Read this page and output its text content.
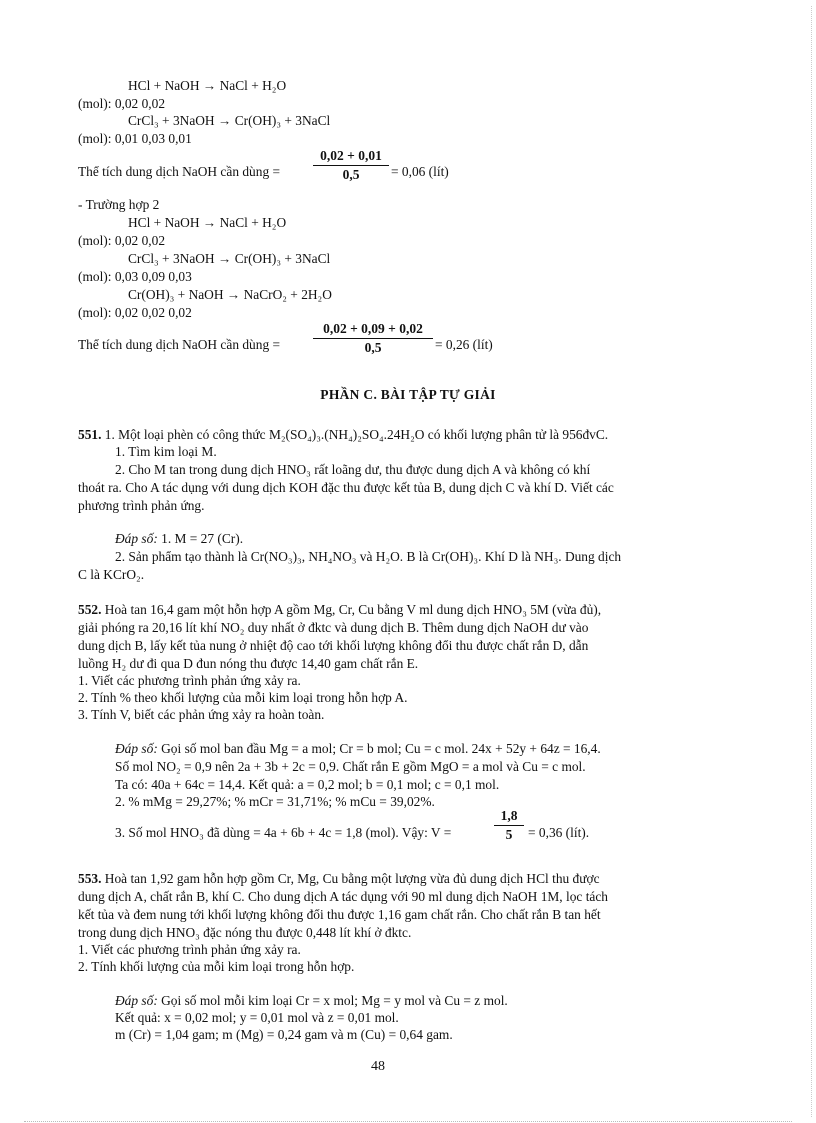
HCl + NaOH → NaCl + H₂O
(mol): 0,02 0,02
CrCl₃ + 3NaOH → Cr(OH)₃ + 3NaCl
(mol): 0,01 0,03 0,01
Thể tích dung dịch NaOH cần dùng = $\frac{0,02 + 0,01}{0,5} = 0,06$ (lít)
- Trường hợp 2
HCl + NaOH → NaCl + H₂O
(mol): 0,02 0,02
CrCl₃ + 3NaOH → Cr(OH)₃ + 3NaCl
(mol): 0,03 0,09 0,03
Cr(OH)₃ + NaOH → NaCrO₂ + 2H₂O
(mol): 0,02 0,02 0,02
Thể tích dung dịch NaOH cần dùng = $\frac{0,02 + 0,09 + 0,02}{0,5} = 0,26$ (lít)
PHẦN C. BÀI TẬP TỰ GIẢI
551. 1. Một loại phèn có công thức M₂(SO₄)₃.(NH₄)₂SO₄.24H₂O có khối lượng phân tử là 956đvC.
1. Tìm kim loại M.
2. Cho M tan trong dung dịch HNO₃ rất loãng dư, thu được dung dịch A và không có khí
thoát ra. Cho A tác dụng với dung dịch KOH đặc thu được kết tủa B, dung dịch C và khí D. Viết các
phương trình phản ứng.
Đáp số: 1. M = 27 (Cr).
2. Sản phẩm tạo thành là Cr(NO₃)₃, NH₄NO₃ và H₂O. B là Cr(OH)₃. Khí D là NH₃. Dung dịch
C là KCrO₂.
552. Hoà tan 16,4 gam một hỗn hợp A gồm Mg, Cr, Cu bằng V ml dung dịch HNO₃ 5M (vừa đủ),
giải phóng ra 20,16 lít khí NO₂ duy nhất ở đktc và dung dịch B. Thêm dung dịch NaOH dư vào
dung dịch B, lấy kết tủa nung ở nhiệt độ cao tới khối lượng không đổi thu được chất rắn D, dẫn
luồng H₂ dư đi qua D đun nóng thu được 14,40 gam chất rắn E.
1. Viết các phương trình phản ứng xảy ra.
2. Tính % theo khối lượng của mỗi kim loại trong hỗn hợp A.
3. Tính V, biết các phản ứng xảy ra hoàn toàn.
Đáp số: Gọi số mol ban đầu Mg = a mol; Cr = b mol; Cu = c mol. 24x + 52y + 64z = 16,4.
Số mol NO₂ = 0,9 nên 2a + 3b + 2c = 0,9. Chất rắn E gồm MgO = a mol và Cu = c mol.
Ta có: 40a + 64c = 14,4. Kết quả: a = 0,2 mol; b = 0,1 mol; c = 0,1 mol.
2. % mMg = 29,27%; % mCr = 31,71%; % mCu = 39,02%.
3. Số mol HNO₃ đã dùng = 4a + 6b + 4c = 1,8 (mol). Vậy: V =	$\frac{1,8}{5} = 0,36$ (lít).
553. Hoà tan 1,92 gam hỗn hợp gồm Cr, Mg, Cu bằng một lượng vừa đủ dung dịch HCl thu được
dung dịch A, chất rắn B, khí C. Cho dung dịch A tác dụng với 90 ml dung dịch NaOH 1M, lọc tách
kết tủa và đem nung tới khối lượng không đổi thu được 1,16 gam chất rắn. Cho chất rắn B tan hết
trong dung dịch HNO₃ đặc nóng thu được 0,448 lít khí ở đktc.
1. Viết các phương trình phản ứng xảy ra.
2. Tính khối lượng của mỗi kim loại trong hỗn hợp.
Đáp số: Gọi số mol mỗi kim loại Cr = x mol; Mg = y mol và Cu = z mol.
Kết quả: x = 0,02 mol; y = 0,01 mol và z = 0,01 mol.
m (Cr) = 1,04 gam; m (Mg) = 0,24 gam và m (Cu) = 0,64 gam.
48
